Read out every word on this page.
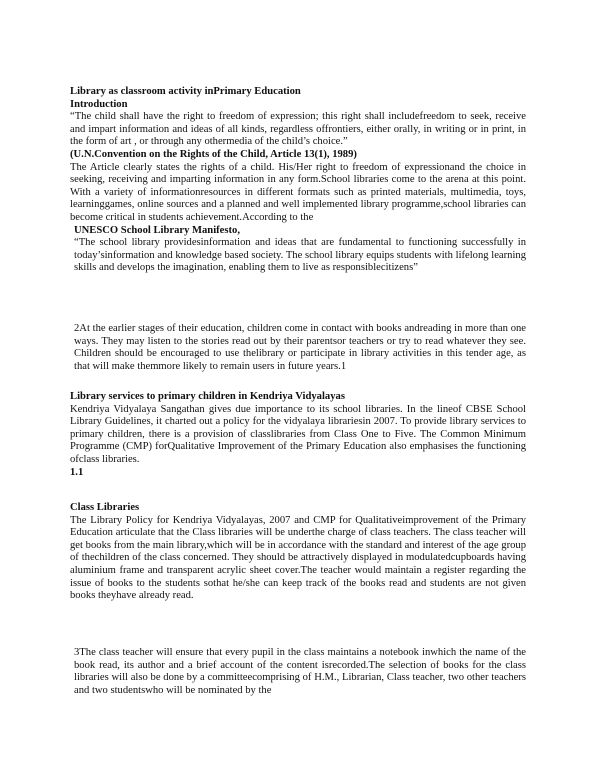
Library as classroom activity inPrimary Education
Introduction

“The child shall have the right to freedom of expression; this right shall includefreedom to seek, receive and impart information and ideas of all kinds, regardless offrontiers, either orally, in writing or in print, in the form of art , or through any othermedia of the child’s choice.”

(U.N.Convention on the Rights of the Child, Article 13(1), 1989)

The Article clearly states the rights of a child. His/Her right to freedom of expressionand the choice in seeking, receiving and imparting information in any form.School libraries come to the arena at this point. With a variety of informationresources in different formats such as printed materials, multimedia, toys, learninggames, online sources and a planned and well implemented library programme,school libraries can become critical in students achievement.According to the

UNESCO School Library Manifesto,

“The school library providesinformation and ideas that are fundamental to functioning successfully in today’sinformation and knowledge based society. The school library equips students with lifelong learning skills and develops the imagination, enabling them to live as responsiblecitizens”

2At the earlier stages of their education, children come in contact with books andreading in more than one ways. They may listen to the stories read out by their parentsor teachers or try to read whatever they see. Children should be encouraged to use thelibrary or participate in library activities in this tender age, as that will make themmore likely to remain users in future years.1

Library services to primary children in Kendriya Vidyalayas

Kendriya Vidyalaya Sangathan gives due importance to its school libraries. In the lineof CBSE School Library Guidelines, it charted out a policy for the vidyalaya librariesin 2007. To provide library services to primary children, there is a provision of classlibraries from Class One to Five. The Common Minimum Programme (CMP) forQualitative Improvement of the Primary Education also emphasises the functioning ofclass libraries.

1.1
Class Libraries

The Library Policy for Kendriya Vidyalayas, 2007 and CMP for Qualitativeimprovement of the Primary Education articulate that the Class libraries will be underthe charge of class teachers. The class teacher will get books from the main library,which will be in accordance with the standard and interest of the age group of thechildren of the class concerned. They should be attractively displayed in modulatedcupboards having aluminium frame and transparent acrylic sheet cover.The teacher would maintain a register regarding the issue of books to the students sothat he/she can keep track of the books read and students are not given books theyhave already read.

3The class teacher will ensure that every pupil in the class maintains a notebook inwhich the name of the book read, its author and a brief account of the content isrecorded.The selection of books for the class libraries will also be done by a committeecomprising of H.M., Librarian, Class teacher, two other teachers and two studentswho will be nominated by the
